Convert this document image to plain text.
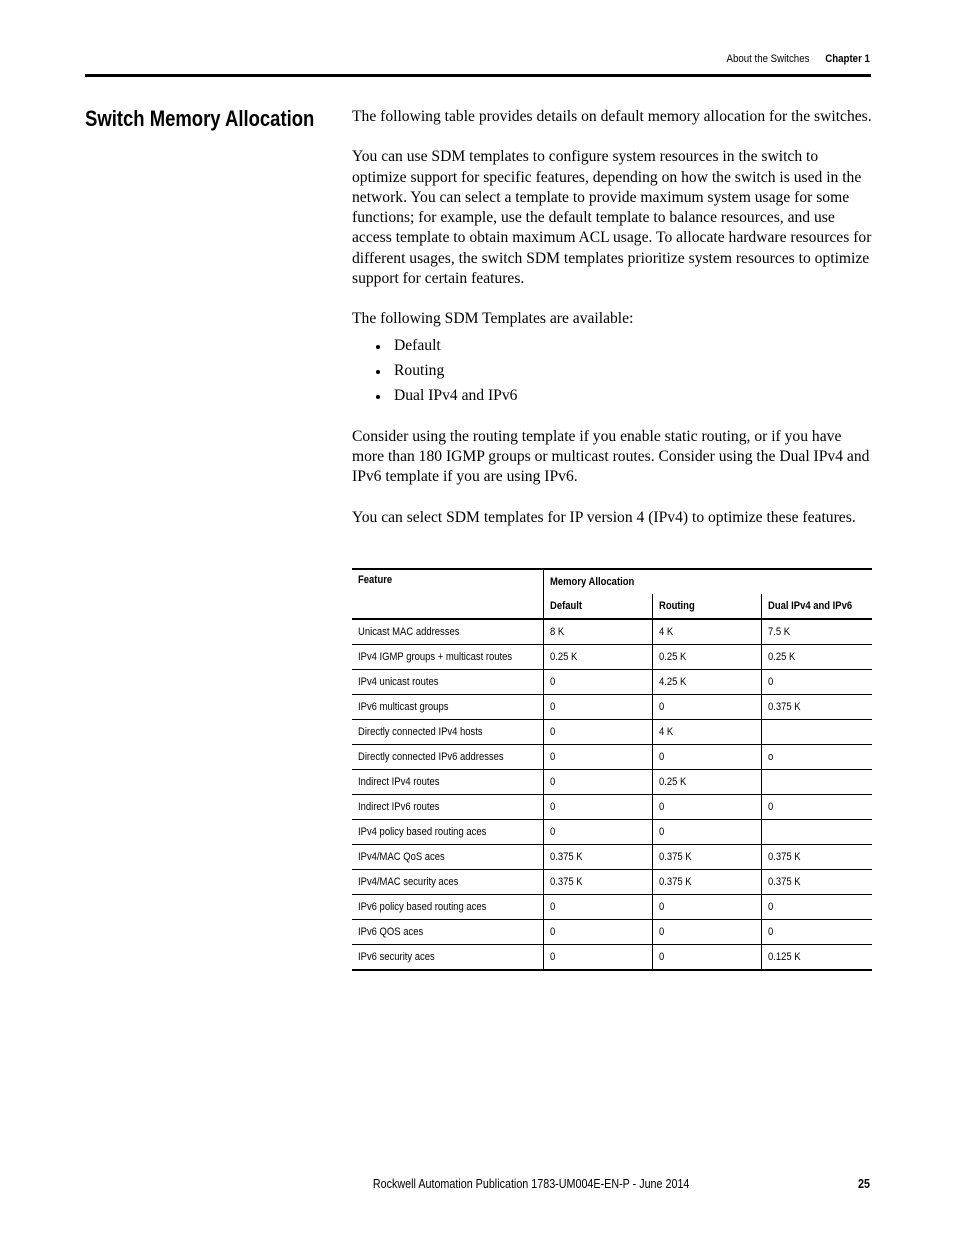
About the Switches Chapter 1
Switch Memory Allocation The following table provides details on default memory allocation for the switches.

You can use SDM templates to configure system resources in the switch to optimize support for specific features, depending on how the switch is used in the network. You can select a template to provide maximum system usage for some functions; for example, use the default template to balance resources, and use access template to obtain maximum ACL usage. To allocate hardware resources for different usages, the switch SDM templates prioritize system resources to optimize support for certain features.

The following SDM Templates are available:

Default
Routing
Dual IPv4 and IPv6

Consider using the routing template if you enable static routing, or if you have more than 180 IGMP groups or multicast routes. Consider using the Dual IPv4 and IPv6 template if you are using IPv6.

You can select SDM templates for IP version 4 (IPv4) to optimize these features.

Feature	Memory Allocation		
	Default	Routing	Dual IPv4 and IPv6
Unicast MAC addresses	8 K	4 K	7.5 K
IPv4 IGMP groups + multicast routes	0.25 K	0.25 K	0.25 K
IPv4 unicast routes	0	4.25 K	0
IPv6 multicast groups	0	0	0.375 K
Directly connected IPv4 hosts	0	4 K	
Directly connected IPv6 addresses	0	0	o
Indirect IPv4 routes	0	0.25 K	
Indirect IPv6 routes	0	0	0
IPv4 policy based routing aces	0	0	
IPv4/MAC QoS aces	0.375 K	0.375 K	0.375 K
IPv4/MAC security aces	0.375 K	0.375 K	0.375 K
IPv6 policy based routing aces	0	0	0
IPv6 QOS aces	0	0	0
IPv6 security aces	0	0	0.125 K
Rockwell Automation Publication 1783-UM004E-EN-P - June 2014	25
